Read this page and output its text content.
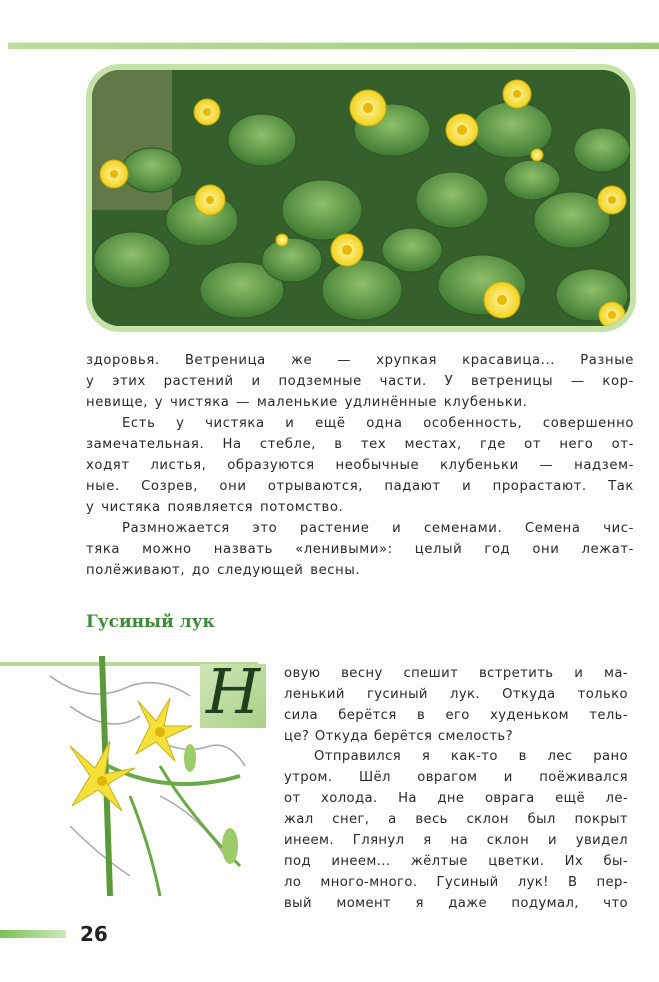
здоровья. Ветреница же — хрупкая красавица... Разные
у этих растений и подземные части. У ветреницы — кор-
невище, у чистяка — маленькие удлинённые клубеньки.
Есть у чистяка и ещё одна особенность, совершенно
замечательная. На стебле, в тех местах, где от него от-
ходят листья, образуются необычные клубеньки — надзем-
ные. Созрев, они отрываются, падают и прорастают. Так
у чистяка появляется потомство.
Размножается это растение и семенами. Семена чис-
тяка можно назвать «ленивыми»: целый год они лежат-
полёживают, до следующей весны.
Гусиный лук
Н	овую весну спешит встретить и ма-
ленький гусиный лук. Откуда только
сила берётся в его худеньком тель-
це? Откуда берётся смелость?
Отправился я как-то в лес рано
утром. Шёл оврагом и поёживался
от холода. На дне оврага ещё ле-
жал снег, а весь склон был покрыт
инеем. Глянул я на склон и увидел
под инеем... жёлтые цветки. Их бы-
ло много-много. Гусиный лук! В пер-
вый момент я даже подумал, что
26
